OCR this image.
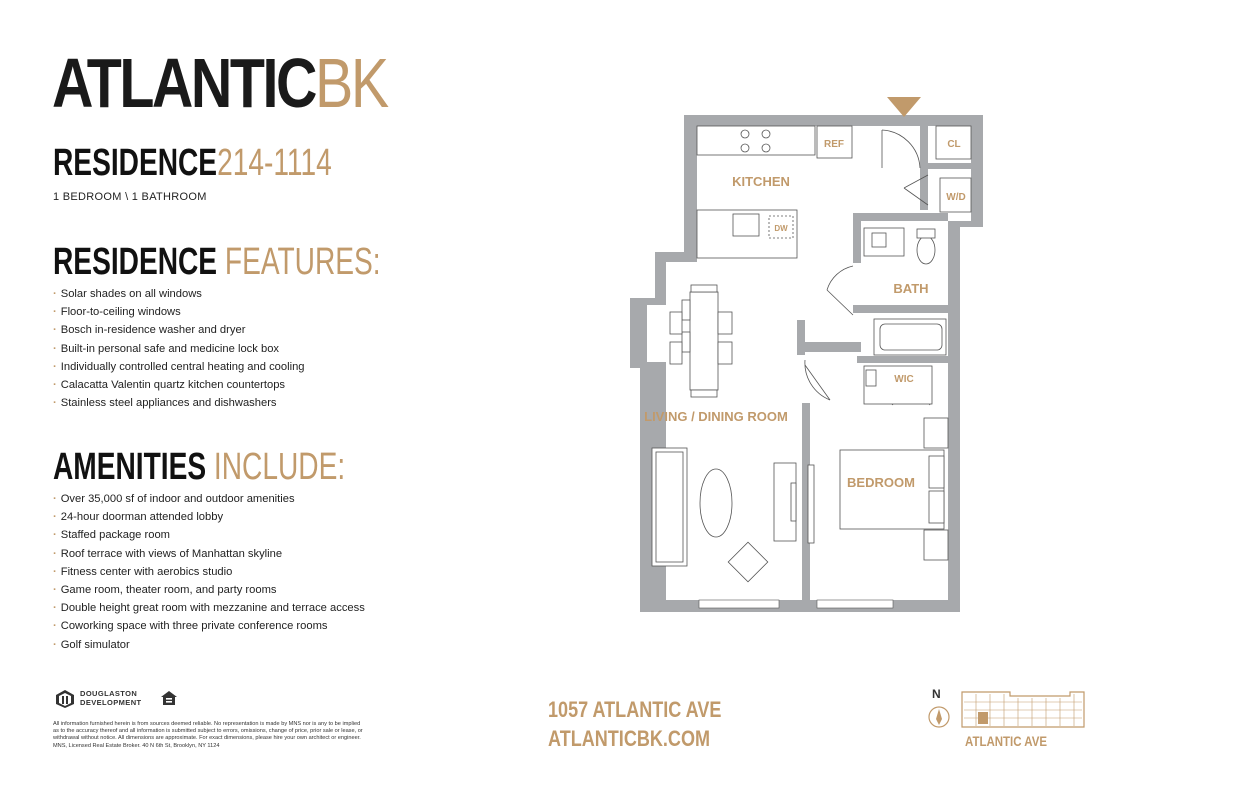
ATLANTICBK
RESIDENCE214-1114
1 BEDROOM \ 1 BATHROOM
RESIDENCE FEATURES:
· Solar shades on all windows
· Floor-to-ceiling windows
· Bosch in-residence washer and dryer
· Built-in personal safe and medicine lock box
· Individually controlled central heating and cooling
· Calacatta Valentin quartz kitchen countertops
· Stainless steel appliances and dishwashers
AMENITIES INCLUDE:
· Over 35,000 sf of indoor and outdoor amenities
· 24-hour doorman attended lobby
· Staffed package room
· Roof terrace with views of Manhattan skyline
· Fitness center with aerobics studio
· Game room, theater room, and party rooms
· Double height great room with mezzanine and terrace access
· Coworking space with three private conference rooms
· Golf simulator
DOUGLASTON
DEVELOPMENT
All information furnished herein is from sources deemed reliable. No representation is made by MNS nor is any to be implied as to the accuracy thereof and all information is submitted subject to errors, omissions, change of price, prior sale or lease, or withdrawal without notice. All dimensions are approximate. For exact dimensions, please hire your own architect or engineer. MNS, Licensed Real Estate Broker. 40 N 6th St, Brooklyn, NY 1124
1057 ATLANTIC AVE
ATLANTICBK.COM
N
ATLANTIC AVE
KITCHEN
REF	CL
W/D
DW
BATH
WIC
LIVING / DINING ROOM
BEDROOM
